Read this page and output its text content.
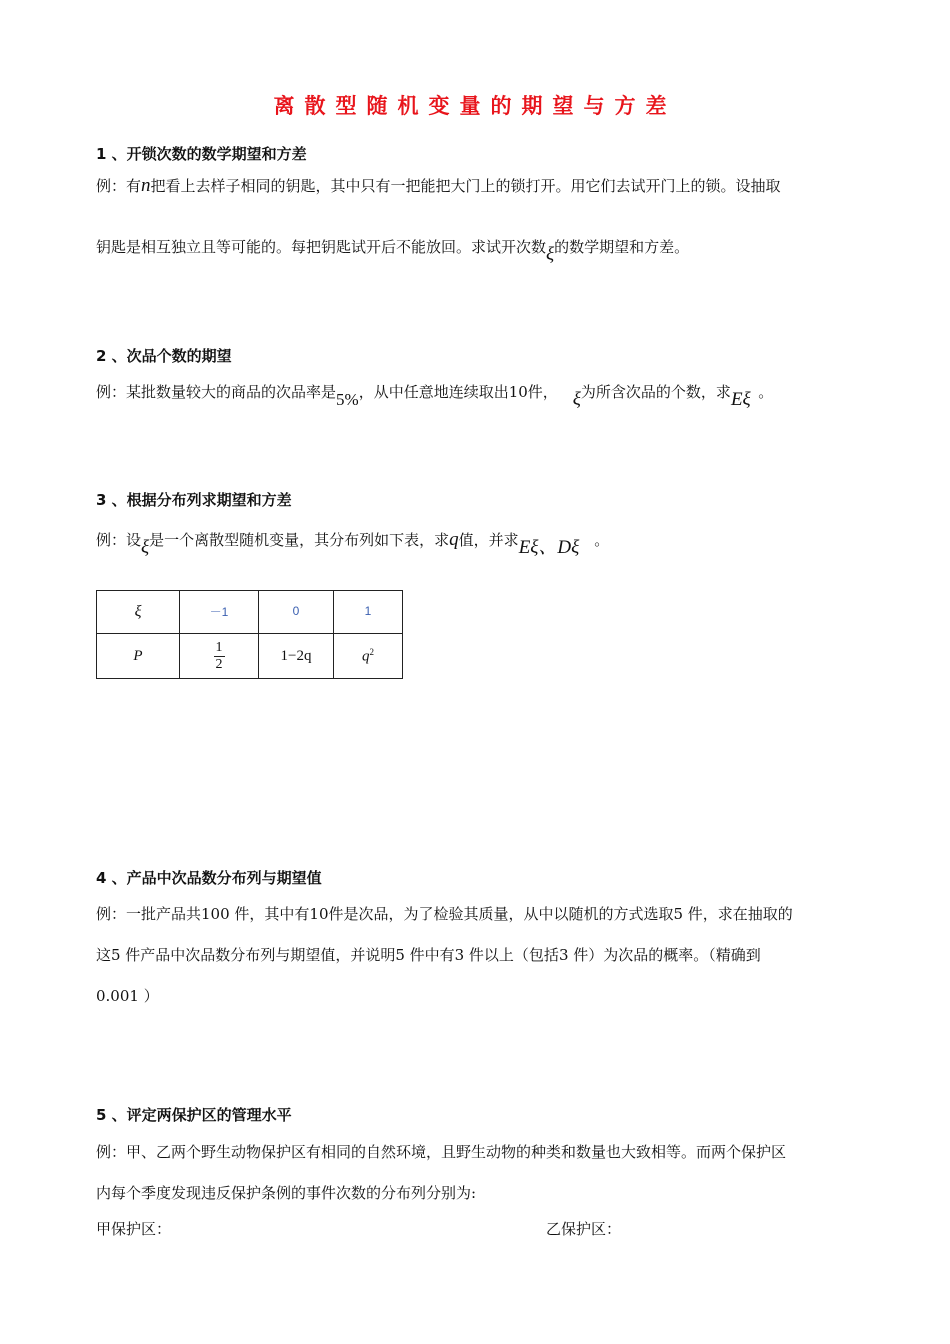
离散型随机变量的期望与方差
1 、开锁次数的数学期望和方差
例：有n把看上去样子相同的钥匙，其中只有一把能把大门上的锁打开。用它们去试开门上的锁。设抽取
钥匙是相互独立且等可能的。每把钥匙试开后不能放回。求试开次数ξ的数学期望和方差。
2 、次品个数的期望
例：某批数量较大的商品的次品率是5%，从中任意地连续取出10件，  ξ为所含次品的个数，求Eξ  。
3 、根据分布列求期望和方差
例：设ξ是一个离散型随机变量，其分布列如下表，求q值，并求Eξ、Dξ  。
ξ	－1	0	1
P	$\frac{1}{2}$	1−2q	$q^2$
4 、产品中次品数分布列与期望值
例：一批产品共100 件，其中有10件是次品，为了检验其质量，从中以随机的方式选取5 件，求在抽取的
这5 件产品中次品数分布列与期望值，并说明5 件中有3 件以上（包括3 件）为次品的概率。（精确到
0.001 ）
5 、评定两保护区的管理水平
例：甲、乙两个野生动物保护区有相同的自然环境，且野生动物的种类和数量也大致相等。而两个保护区
内每个季度发现违反保护条例的事件次数的分布列分别为:
甲保护区：	乙保护区：
